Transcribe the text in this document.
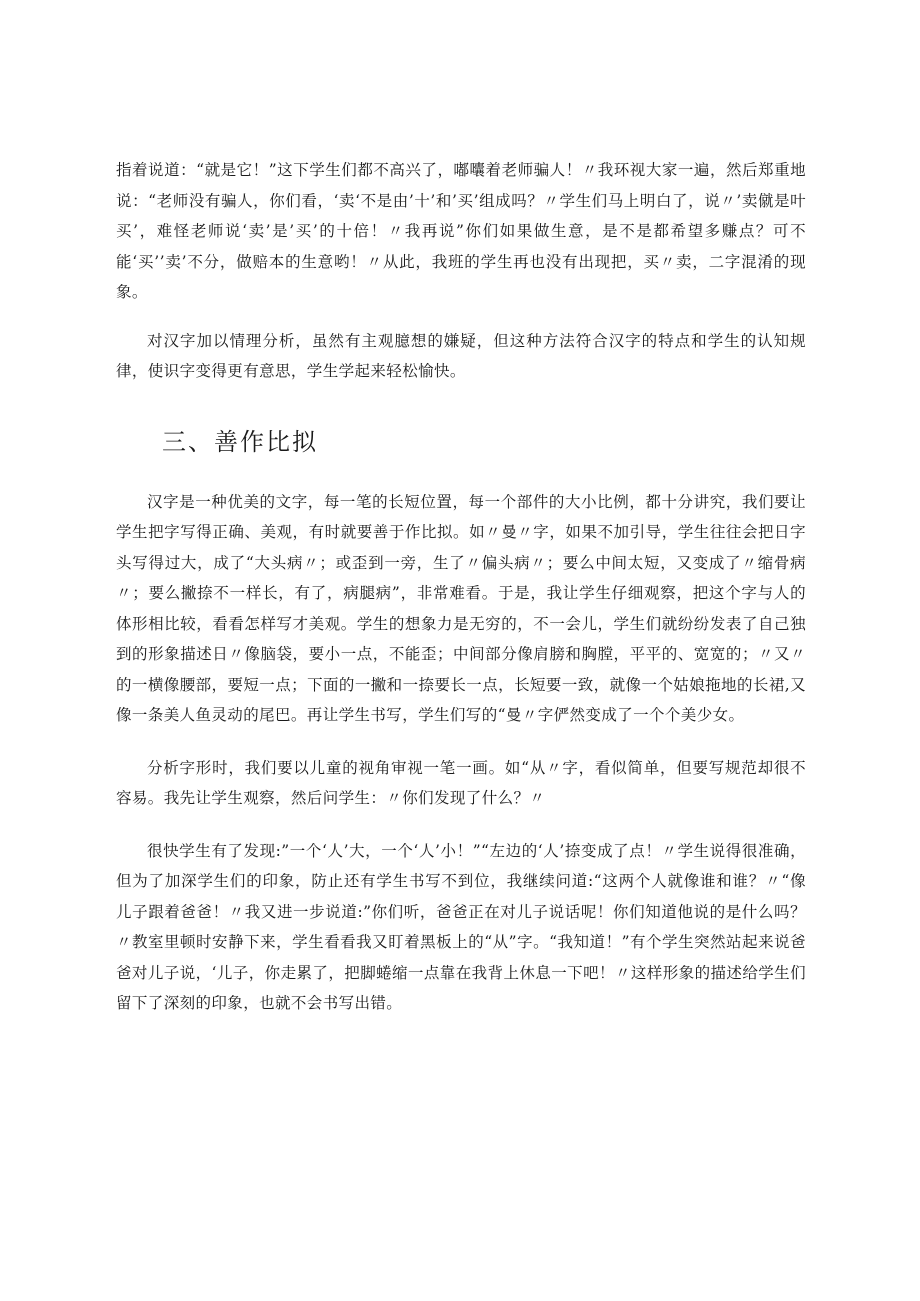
指着说道：“就是它！”这下学生们都不高兴了，嘟囔着老师骗人！〃我环视大家一遍，然后郑重地说：“老师没有骗人，你们看，‘卖‘不是由’十’和’买’组成吗？〃学生们马上明白了，说〃’卖僦是叶买’，难怪老师说‘卖’是’买’的十倍！〃我再说”你们如果做生意，是不是都希望多赚点？可不能‘买’’卖’不分，做赔本的生意哟！〃从此，我班的学生再也没有出现把，买〃卖，二字混淆的现象。

对汉字加以情理分析，虽然有主观臆想的嫌疑，但这种方法符合汉字的特点和学生的认知规律，使识字变得更有意思，学生学起来轻松愉快。

三、善作比拟

汉字是一种优美的文字，每一笔的长短位置，每一个部件的大小比例，都十分讲究，我们要让学生把字写得正确、美观，有时就要善于作比拟。如〃曼〃字，如果不加引导，学生往往会把日字头写得过大，成了“大头病〃；或歪到一旁，生了〃偏头病〃；要么中间太短，又变成了〃缩骨病〃；要么撇捺不一样长，有了，病腿病”，非常难看。于是，我让学生仔细观察，把这个字与人的体形相比较，看看怎样写才美观。学生的想象力是无穷的，不一会儿，学生们就纷纷发表了自己独到的形象描述日〃像脑袋，要小一点，不能歪；中间部分像肩膀和胸膛，平平的、宽宽的；〃又〃的一横像腰部，要短一点；下面的一撇和一捺要长一点，长短要一致，就像一个姑娘拖地的长裙,又像一条美人鱼灵动的尾巴。再让学生书写，学生们写的“曼〃字俨然变成了一个个美少女。

分析字形时，我们要以儿童的视角审视一笔一画。如“从〃字，看似简单，但要写规范却很不容易。我先让学生观察，然后问学生：〃你们发现了什么？〃

很快学生有了发现:”一个‘人’大，一个‘人’小！”“左边的‘人’捺变成了点！〃学生说得很准确，但为了加深学生们的印象，防止还有学生书写不到位，我继续问道:“这两个人就像谁和谁？〃“像儿子跟着爸爸！〃我又进一步说道:”你们听，爸爸正在对儿子说话呢！你们知道他说的是什么吗？〃教室里顿时安静下来，学生看看我又盯着黑板上的“从”字。“我知道！”有个学生突然站起来说爸爸对儿子说，‘儿子，你走累了，把脚蜷缩一点靠在我背上休息一下吧！〃这样形象的描述给学生们留下了深刻的印象，也就不会书写出错。
